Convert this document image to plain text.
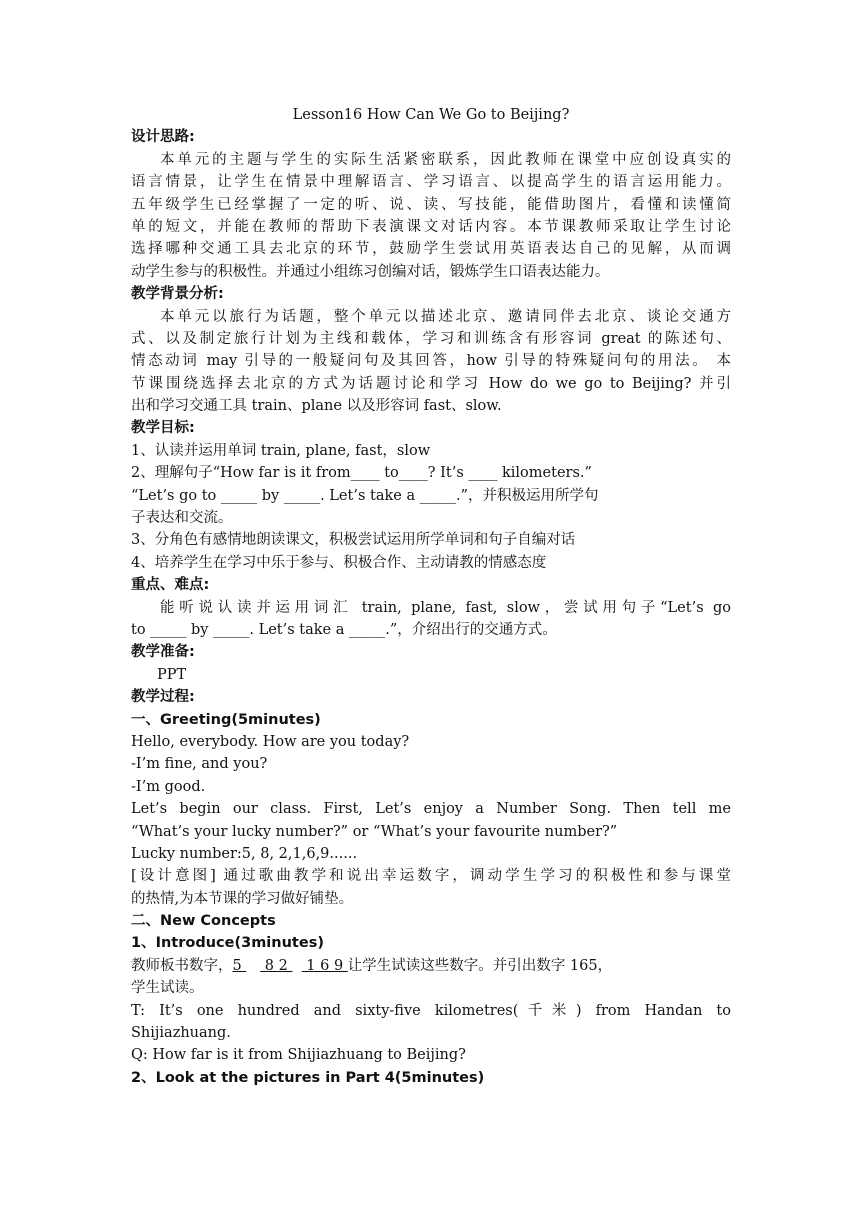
Lesson16 How Can We Go to Beijing?
设计思路:
本单元的主题与学生的实际生活紧密联系，因此教师在课堂中应创设真实的
语言情景，让学生在情景中理解语言、学习语言、以提高学生的语言运用能力。
五年级学生已经掌握了一定的听、说、读、写技能，能借助图片，看懂和读懂简
单的短文，并能在教师的帮助下表演课文对话内容。本节课教师采取让学生讨论
选择哪种交通工具去北京的环节，鼓励学生尝试用英语表达自己的见解，从而调
动学生参与的积极性。并通过小组练习创编对话，锻炼学生口语表达能力。
教学背景分析:
本单元以旅行为话题，整个单元以描述北京、邀请同伴去北京、谈论交通方
式、以及制定旅行计划为主线和载体，学习和训练含有形容词 great 的陈述句、
情态动词 may 引导的一般疑问句及其回答，how 引导的特殊疑问句的用法。 本
节课围绕选择去北京的方式为话题讨论和学习 How do we go to Beijing? 并引
出和学习交通工具 train、plane 以及形容词 fast、slow.
教学目标:
1、认读并运用单词 train, plane, fast，slow
2、理解句子“How far is it from____ to____? It’s ____ kilometers.”
“Let’s go to _____ by _____. Let’s take a _____.”，并积极运用所学句
子表达和交流。
3、分角色有感情地朗读课文，积极尝试运用所学单词和句子自编对话
4、培养学生在学习中乐于参与、积极合作、主动请教的情感态度
重点、难点:
能听说认读并运用词汇 train, plane, fast, slow，尝试用句子“Let’s go
to _____ by _____. Let’s take a _____.”，介绍出行的交通方式。
教学准备:
PPT
教学过程:
一、Greeting(5minutes)
Hello, everybody. How are you today?
-I’m fine, and you?
-I’m good.
Let’s begin our class. First, Let’s enjoy a Number Song. Then tell me
“What’s your lucky number?” or “What’s your favourite number?”
Lucky number:5, 8, 2,1,6,9......
[设计意图] 通过歌曲教学和说出幸运数字，调动学生学习的积极性和参与课堂
的热情,为本节课的学习做好铺垫。
二、New Concepts
1、Introduce(3minutes)
教师板书数字，5     8 2    1 6 9 让学生试读这些数字。并引出数字 165，
学生试读。
T: It’s one hundred and sixty-five kilometres(千米) from Handan to
Shijiazhuang.
Q: How far is it from Shijiazhuang to Beijing?
2、Look at the pictures in Part 4(5minutes)
